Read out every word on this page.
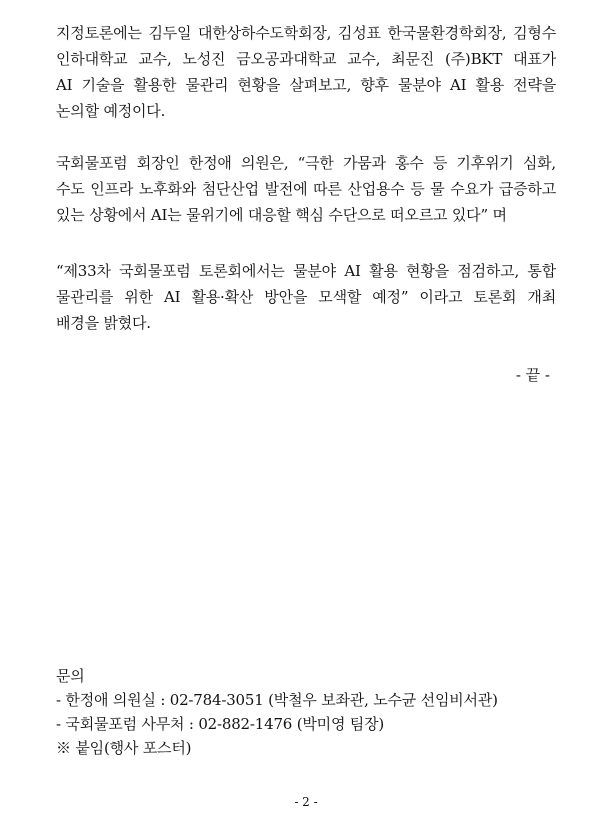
지정토론에는 김두일 대한상하수도학회장, 김성표 한국물환경학회장, 김형수
인하대학교 교수, 노성진 금오공과대학교 교수, 최문진 (주)BKT 대표가
AI 기술을 활용한 물관리 현황을 살펴보고, 향후 물분야 AI 활용 전략을
논의할 예정이다.
국회물포럼 회장인 한정애 의원은, “극한 가뭄과 홍수 등 기후위기 심화,
수도 인프라 노후화와 첨단산업 발전에 따른 산업용수 등 물 수요가 급증하고
있는 상황에서 AI는 물위기에 대응할 핵심 수단으로 떠오르고 있다” 며
“제33차 국회물포럼 토론회에서는 물분야 AI 활용 현황을 점검하고, 통합
물관리를 위한 AI 활용·확산 방안을 모색할 예정” 이라고 토론회 개최
배경을 밝혔다.
- 끝 -
문의
- 한정애 의원실 : 02-784-3051 (박철우 보좌관, 노수균 선임비서관)
- 국회물포럼 사무처 : 02-882-1476 (박미영 팀장)
※ 붙임(행사 포스터)
- 2 -
